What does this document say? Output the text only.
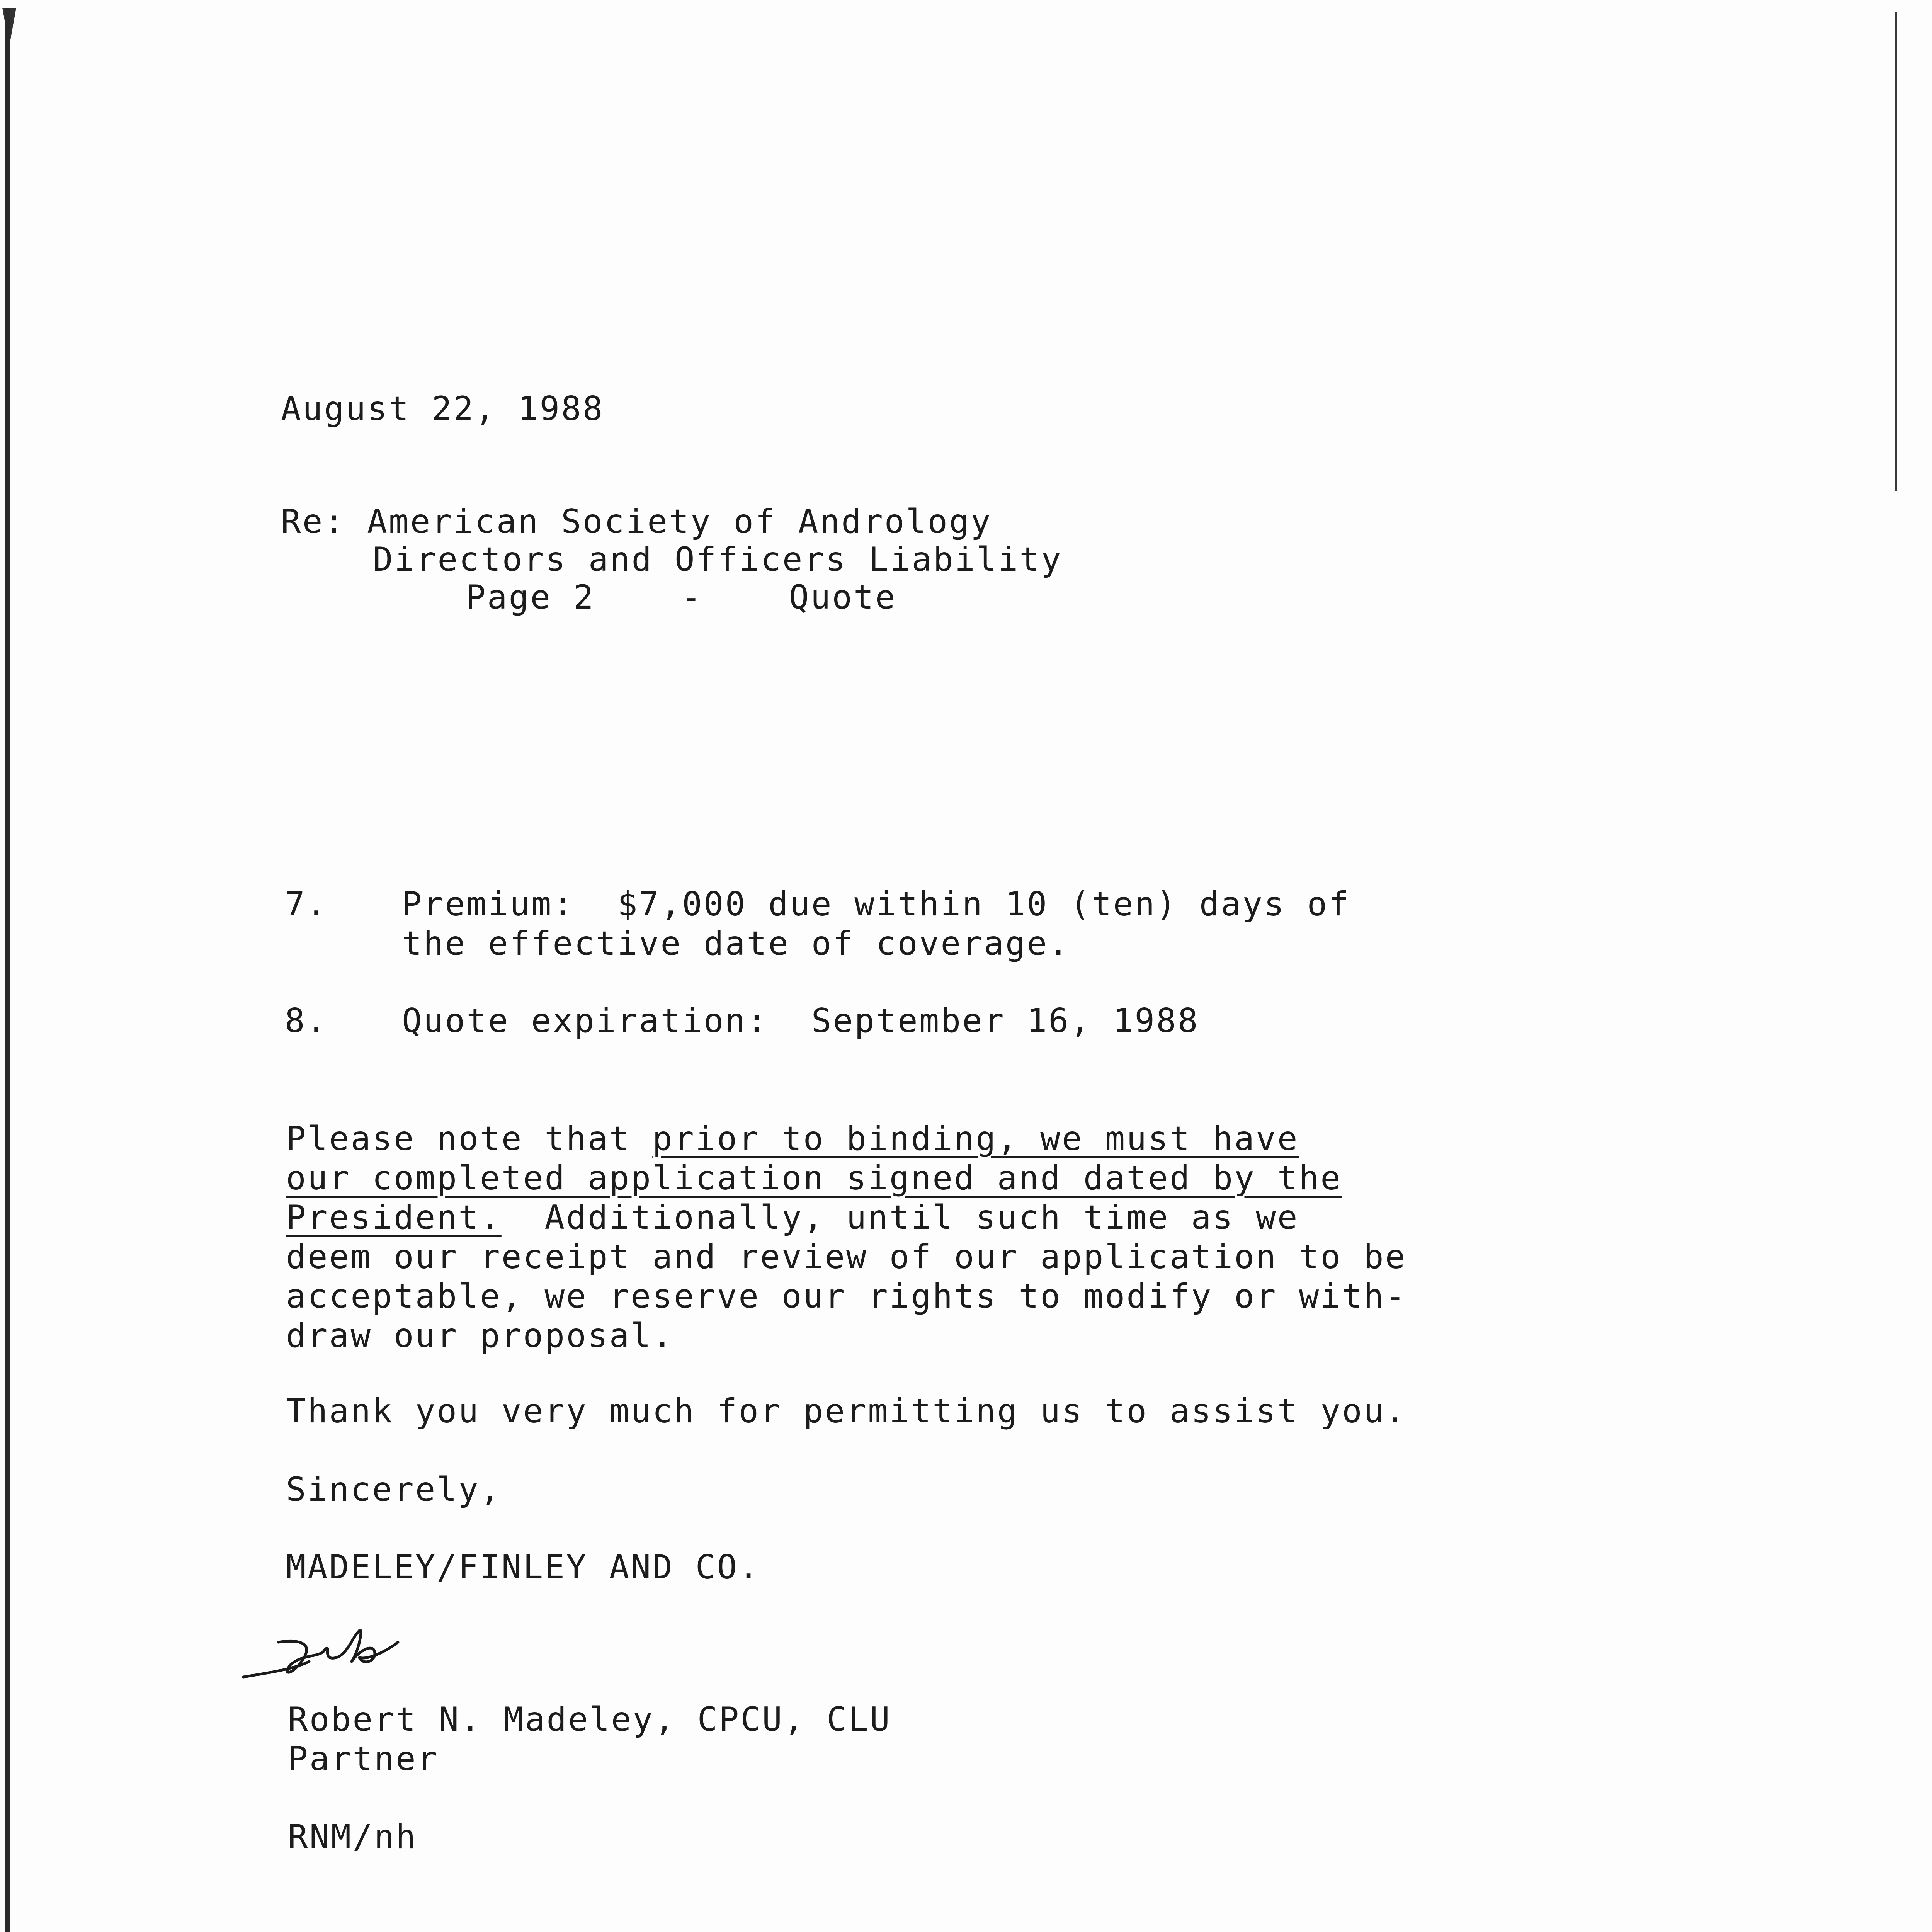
August 22, 1988
Re: American Society of Andrology
Directors and Officers Liability
Page 2    -    Quote
7. Premium:  $7,000 due within 10 (ten) days of
the effective date of coverage.
8. Quote expiration:  September 16, 1988
Please note that prior to binding, we must have
our completed application signed and dated by the
President.  Additionally, until such time as we
deem our receipt and review of our application to be
acceptable, we reserve our rights to modify or with-
draw our proposal.
Thank you very much for permitting us to assist you.
Sincerely,
MADELEY/FINLEY AND CO.
Robert N. Madeley, CPCU, CLU
Partner
RNM/nh
